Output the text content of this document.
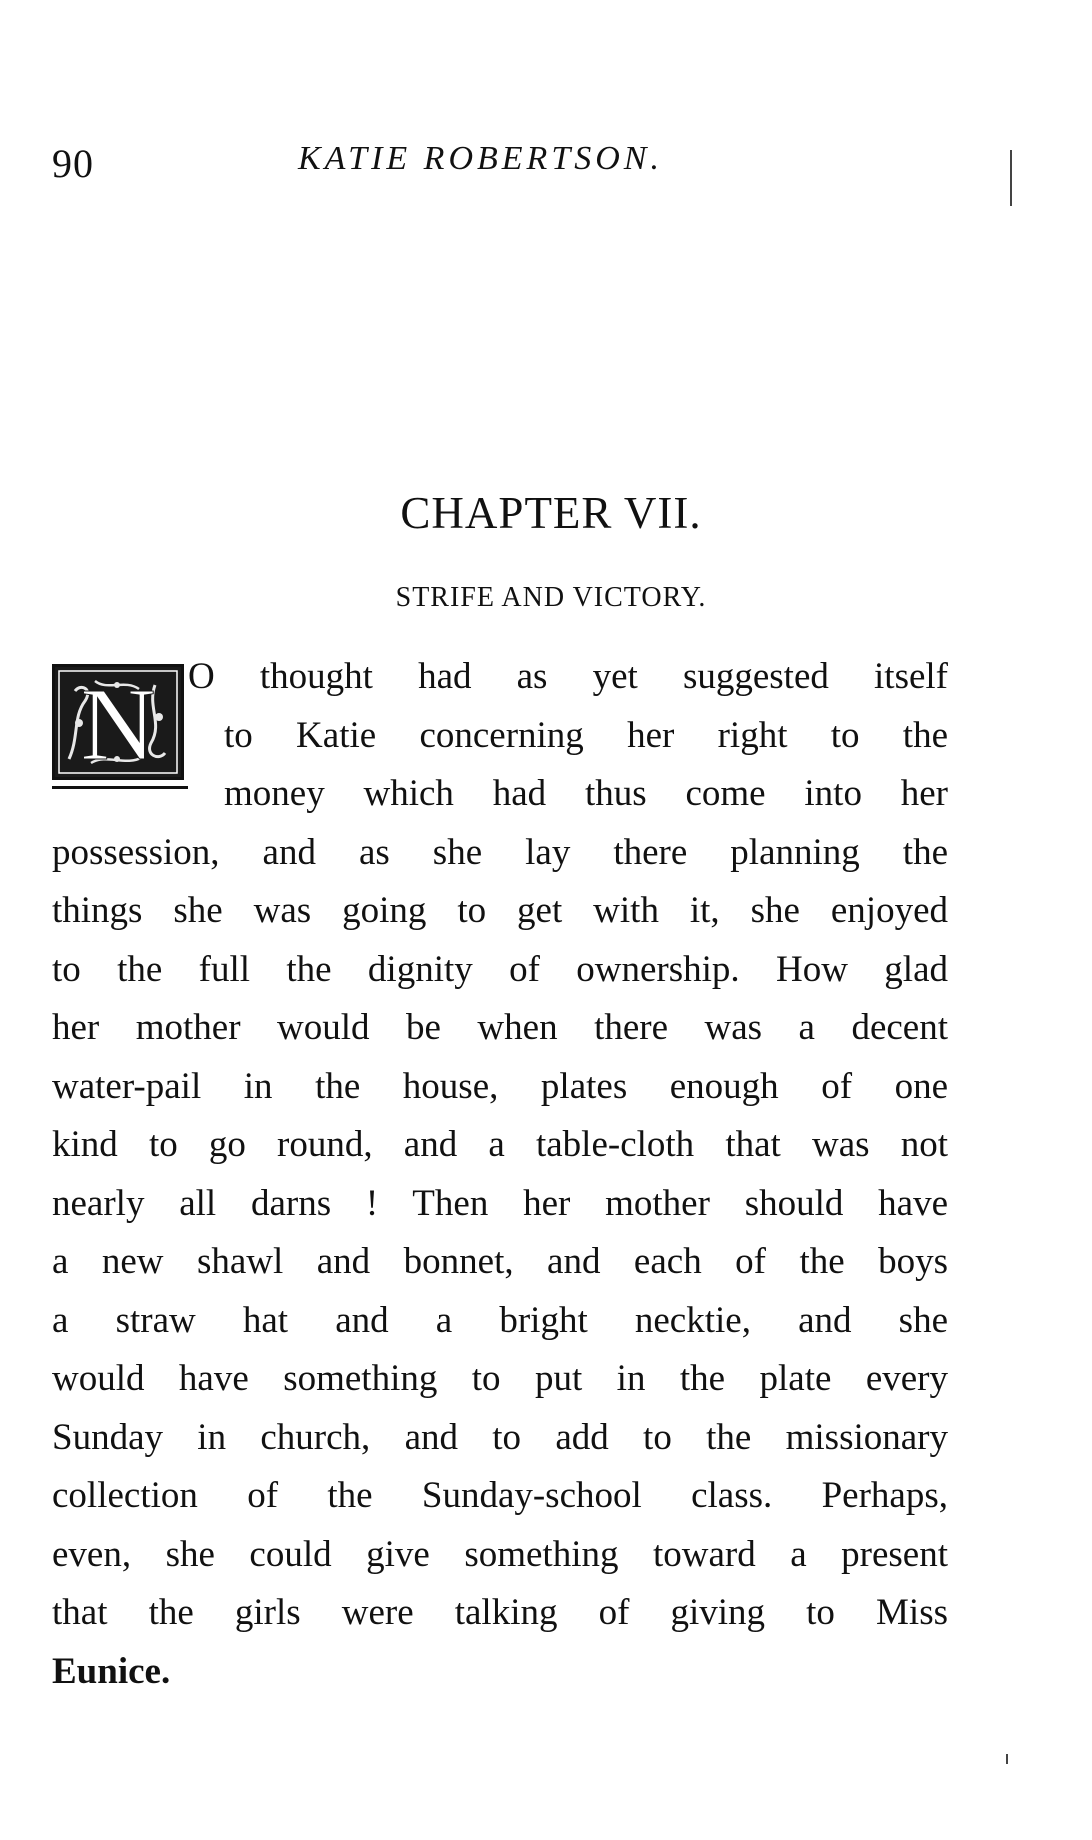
90	KATIE ROBERTSON.
CHAPTER VII.
STRIFE AND VICTORY.
N O thought had as yet suggested itself
to Katie concerning her right to the
money which had thus come into her
possession, and as she lay there planning the
things she was going to get with it, she enjoyed
to the full the dignity of ownership. How glad
her mother would be when there was a decent
water-pail in the house, plates enough of one
kind to go round, and a table-cloth that was not
nearly all darns ! Then her mother should have
a new shawl and bonnet, and each of the boys
a straw hat and a bright necktie, and she
would have something to put in the plate every
Sunday in church, and to add to the missionary
collection of the Sunday-school class. Perhaps,
even, she could give something toward a present
that the girls were talking of giving to Miss
Eunice.
